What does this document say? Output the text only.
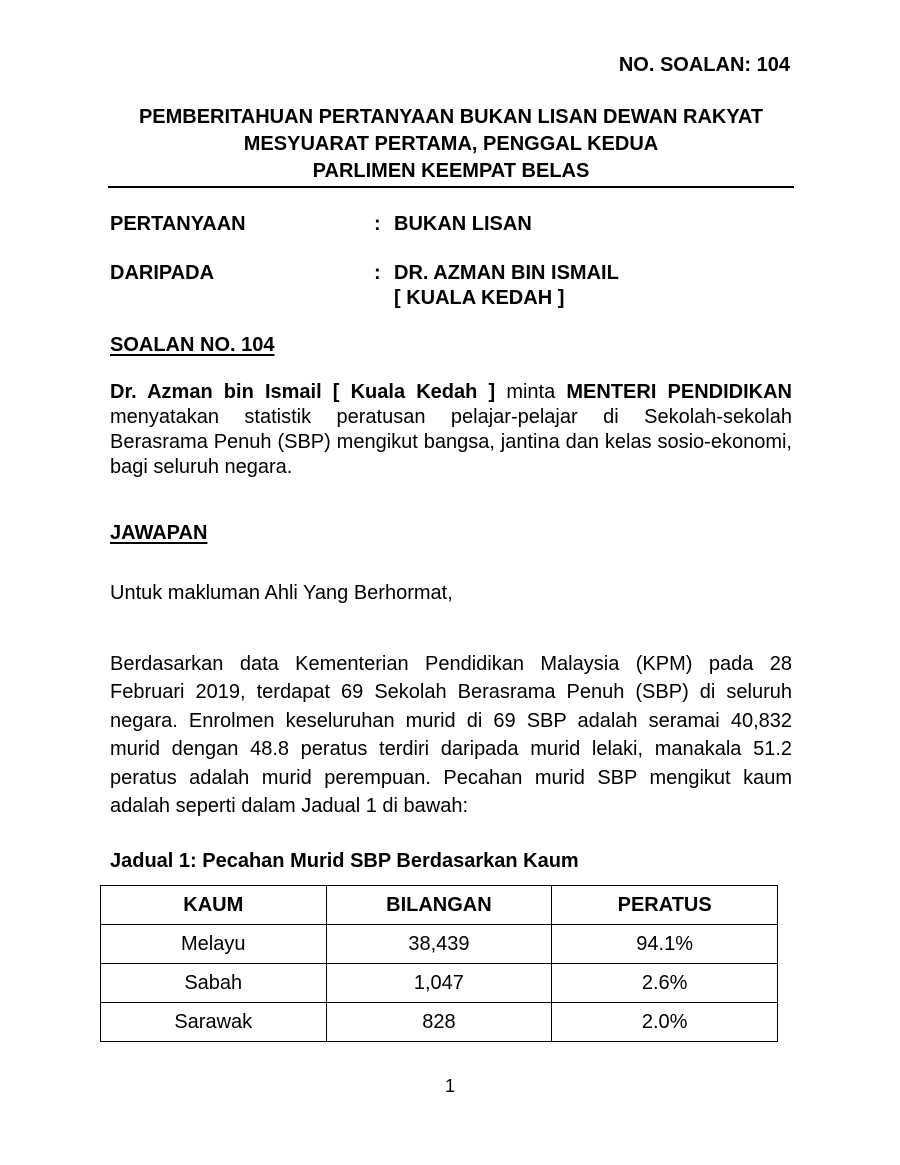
NO. SOALAN: 104
PEMBERITAHUAN PERTANYAAN BUKAN LISAN DEWAN RAKYAT
MESYUARAT PERTAMA, PENGGAL KEDUA
PARLIMEN KEEMPAT BELAS
PERTANYAAN	: BUKAN LISAN
DARIPADA	: DR. AZMAN BIN ISMAIL
[ KUALA KEDAH ]
SOALAN NO. 104
Dr. Azman bin Ismail [ Kuala Kedah ] minta MENTERI PENDIDIKAN menyatakan statistik peratusan pelajar-pelajar di Sekolah-sekolah Berasrama Penuh (SBP) mengikut bangsa, jantina dan kelas sosio-ekonomi, bagi seluruh negara.
JAWAPAN
Untuk makluman Ahli Yang Berhormat,
Berdasarkan data Kementerian Pendidikan Malaysia (KPM) pada 28 Februari 2019, terdapat 69 Sekolah Berasrama Penuh (SBP) di seluruh negara. Enrolmen keseluruhan murid di 69 SBP adalah seramai 40,832 murid dengan 48.8 peratus terdiri daripada murid lelaki, manakala 51.2 peratus adalah murid perempuan. Pecahan murid SBP mengikut kaum adalah seperti dalam Jadual 1 di bawah:
Jadual 1: Pecahan Murid SBP Berdasarkan Kaum
KAUM	BILANGAN	PERATUS
Melayu	38,439	94.1%
Sabah	1,047	2.6%
Sarawak	828	2.0%
1
